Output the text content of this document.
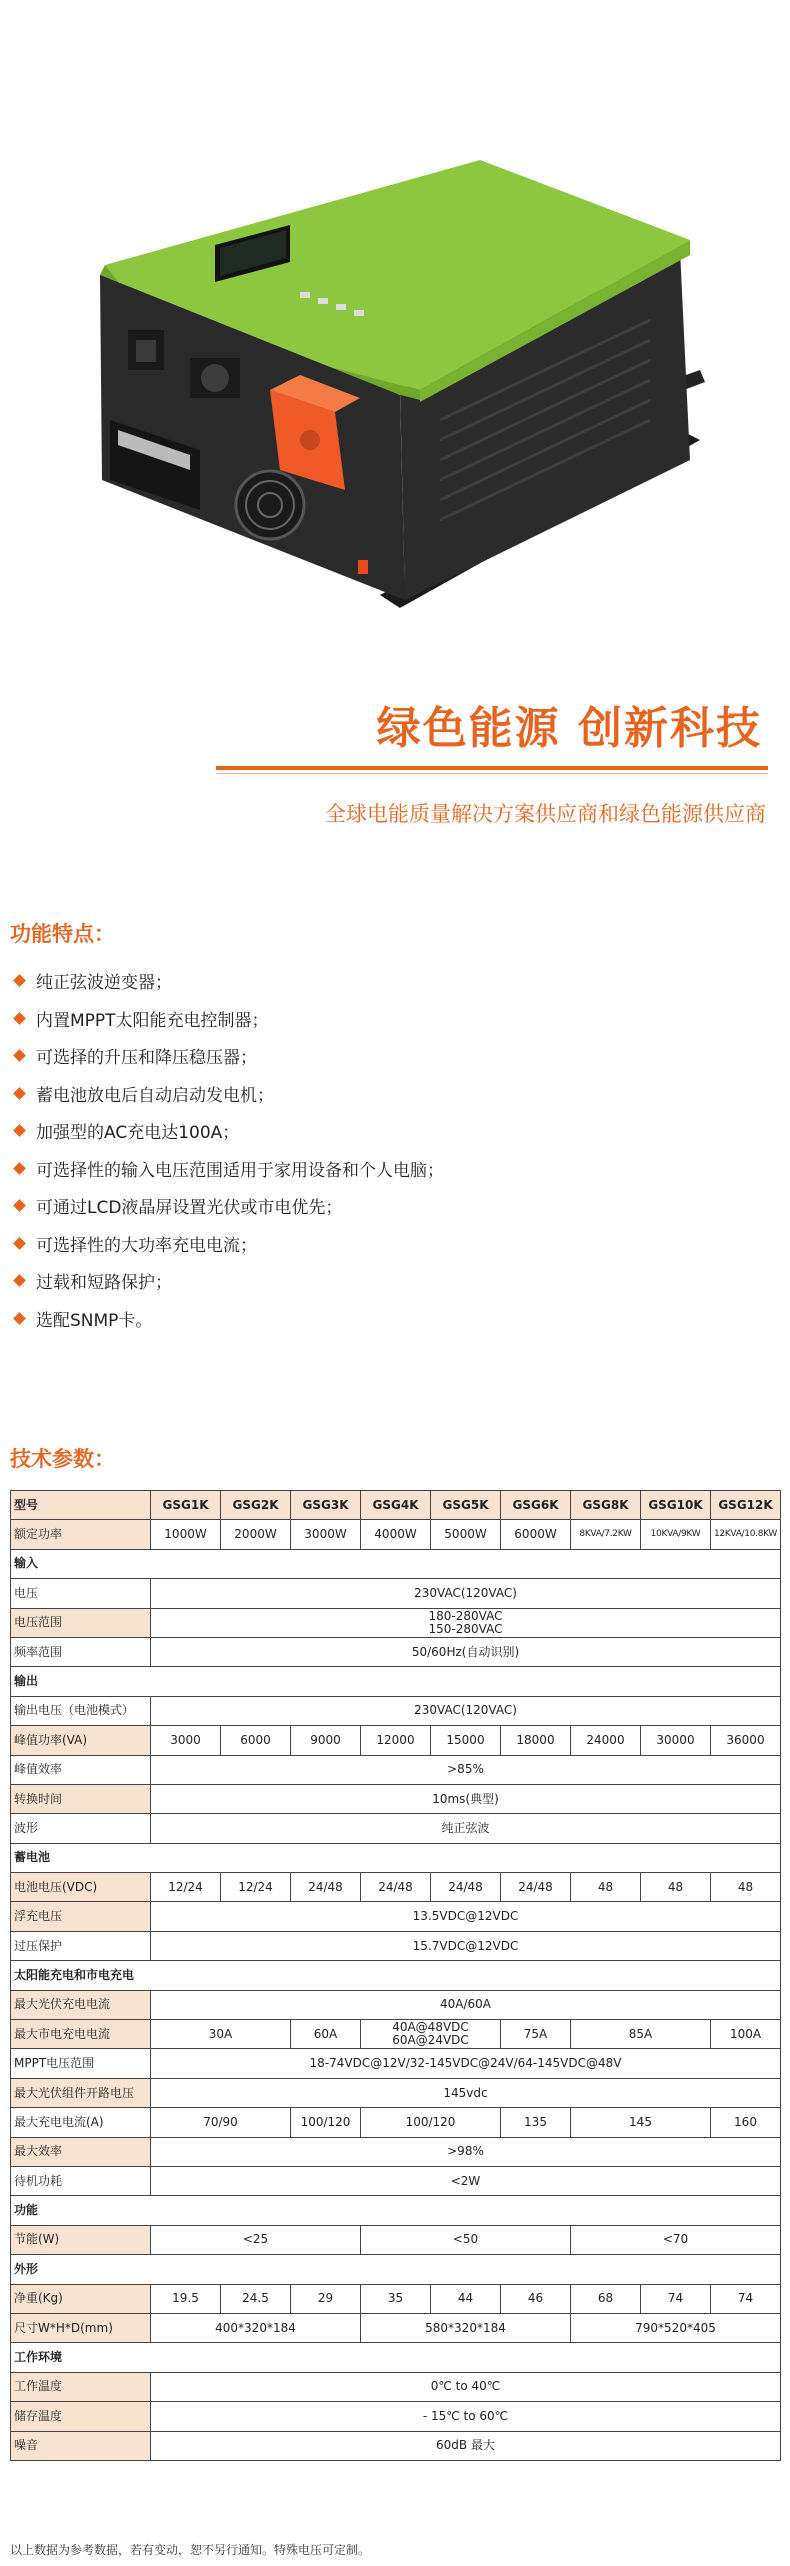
绿色能源 创新科技
全球电能质量解决方案供应商和绿色能源供应商
功能特点：
纯正弦波逆变器；
内置MPPT太阳能充电控制器；
可选择的升压和降压稳压器；
蓄电池放电后自动启动发电机；
加强型的AC充电达100A；
可选择性的输入电压范围适用于家用设备和个人电脑；
可通过LCD液晶屏设置光伏或市电优先；
可选择性的大功率充电电流；
过载和短路保护；
选配SNMP卡。
技术参数：
型号	GSG1K	GSG2K	GSG3K	GSG4K	GSG5K	GSG6K	GSG8K	GSG10K	GSG12K
额定功率	1000W	2000W	3000W	4000W	5000W	6000W	8KVA/7.2KW	10KVA/9KW	12KVA/10.8KW
输入									
电压	230VAC(120VAC)								
电压范围	180-280VAC
150-280VAC								

频率范围	50/60Hz(自动识别)								
输出									
输出电压（电池模式）	230VAC(120VAC)								
峰值功率(VA)	3000	6000	9000	12000	15000	18000	24000	30000	36000
峰值效率	>85%								
转换时间	10ms(典型)								
波形	纯正弦波								
蓄电池									
电池电压(VDC)	12/24	12/24	24/48	24/48	24/48	24/48	48	48	48
浮充电压	13.5VDC@12VDC								
过压保护	15.7VDC@12VDC								
太阳能充电和市电充电									
最大光伏充电电流	40A/60A								
最大市电充电电流	30A		60A	40A@48VDC
60A@24VDC		75A	85A		100A
MPPT电压范围	18-74VDC@12V/32-145VDC@24V/64-145VDC@48V								
最大光伏组件开路电压	145vdc								
最大充电电流(A)	70/90		100/120	100/120		135	145		160
最大效率	>98%								
待机功耗	<2W								
功能									
节能(W)	<25			<50			<70		
外形									
净重(Kg)	19.5	24.5	29	35	44	46	68	74	74
尺寸W*H*D(mm)	400*320*184			580*320*184			790*520*405		
工作环境									
工作温度	0℃ to 40℃								
储存温度	- 15℃ to 60℃								
噪音	60dB 最大								
以上数据为参考数据，若有变动，恕不另行通知。特殊电压可定制。
